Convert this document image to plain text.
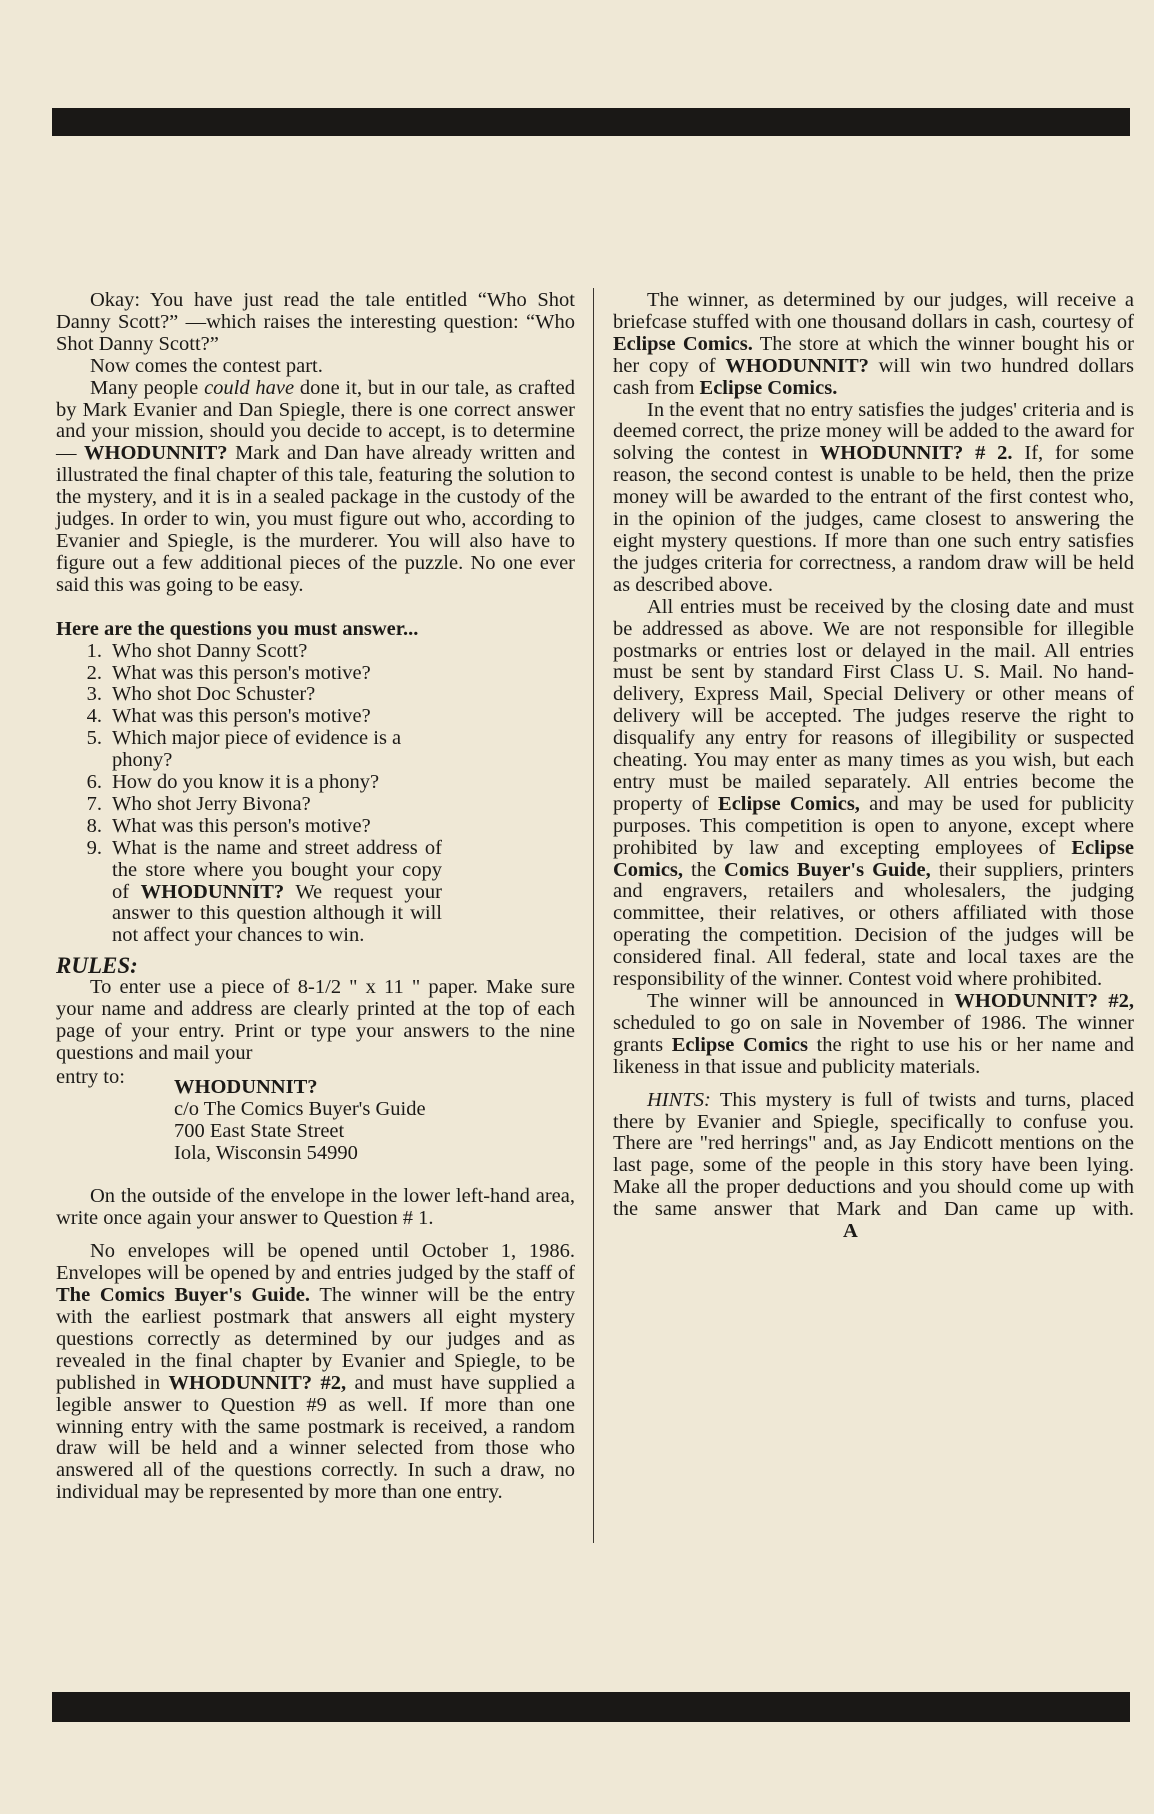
Okay: You have just read the tale entitled “Who Shot Danny Scott?” —which raises the interesting question: “Who Shot Danny Scott?”

Now comes the contest part.

Many people could have done it, but in our tale, as crafted by Mark Evanier and Dan Spiegle, there is one correct answer and your mission, should you decide to accept, is to determine— WHODUNNIT? Mark and Dan have already written and illustrated the final chapter of this tale, featuring the solution to the mystery, and it is in a sealed package in the custody of the judges. In order to win, you must figure out who, according to Evanier and Spiegle, is the murderer. You will also have to figure out a few additional pieces of the puzzle. No one ever said this was going to be easy.

Here are the questions you must answer...

1. Who shot Danny Scott?
2. What was this person's motive?
3. Who shot Doc Schuster?
4. What was this person's motive?
5. Which major piece of evidence is a phony?
6. How do you know it is a phony?
7. Who shot Jerry Bivona?
8. What was this person's motive?
9. What is the name and street address of the store where you bought your copy of WHODUNNIT? We request your answer to this question although it will not affect your chances to win.

RULES:

To enter use a piece of 8-1/2 " x 11 " paper. Make sure your name and address are clearly printed at the top of each page of your entry. Print or type your answers to the nine questions and mail your

entry to:	WHODUNNIT?
c/o The Comics Buyer's Guide
700 East State Street
Iola, Wisconsin 54990

On the outside of the envelope in the lower left-hand area, write once again your answer to Question # 1.

No envelopes will be opened until October 1, 1986. Envelopes will be opened by and entries judged by the staff of The Comics Buyer's Guide. The winner will be the entry with the earliest postmark that answers all eight mystery questions correctly as determined by our judges and as revealed in the final chapter by Evanier and Spiegle, to be published in WHODUNNIT? #2, and must have supplied a legible answer to Question #9 as well. If more than one winning entry with the same postmark is received, a random draw will be held and a winner selected from those who answered all of the questions correctly. In such a draw, no individual may be represented by more than one entry.

The winner, as determined by our judges, will receive a briefcase stuffed with one thousand dollars in cash, courtesy of Eclipse Comics. The store at which the winner bought his or her copy of WHODUNNIT? will win two hundred dollars cash from Eclipse Comics.

In the event that no entry satisfies the judges' criteria and is deemed correct, the prize money will be added to the award for solving the contest in WHODUNNIT? # 2. If, for some reason, the second contest is unable to be held, then the prize money will be awarded to the entrant of the first contest who, in the opinion of the judges, came closest to answering the eight mystery questions. If more than one such entry satisfies the judges criteria for correctness, a random draw will be held as described above.

All entries must be received by the closing date and must be addressed as above. We are not responsible for illegible postmarks or entries lost or delayed in the mail. All entries must be sent by standard First Class U. S. Mail. No hand-delivery, Express Mail, Special Delivery or other means of delivery will be accepted. The judges reserve the right to disqualify any entry for reasons of illegibility or suspected cheating. You may enter as many times as you wish, but each entry must be mailed separately. All entries become the property of Eclipse Comics, and may be used for publicity purposes. This competition is open to anyone, except where prohibited by law and excepting employees of Eclipse Comics, the Comics Buyer's Guide, their suppliers, printers and engravers, retailers and wholesalers, the judging committee, their relatives, or others affiliated with those operating the competition. Decision of the judges will be considered final. All federal, state and local taxes are the responsibility of the winner. Contest void where prohibited.

The winner will be announced in WHODUNNIT? #2, scheduled to go on sale in November of 1986. The winner grants Eclipse Comics the right to use his or her name and likeness in that issue and publicity materials.

HINTS: This mystery is full of twists and turns, placed there by Evanier and Spiegle, specifically to confuse you. There are "red herrings" and, as Jay Endicott mentions on the last page, some of the people in this story have been lying. Make all the proper deductions and you should come up with the same answer that Mark and Dan came up with.A
